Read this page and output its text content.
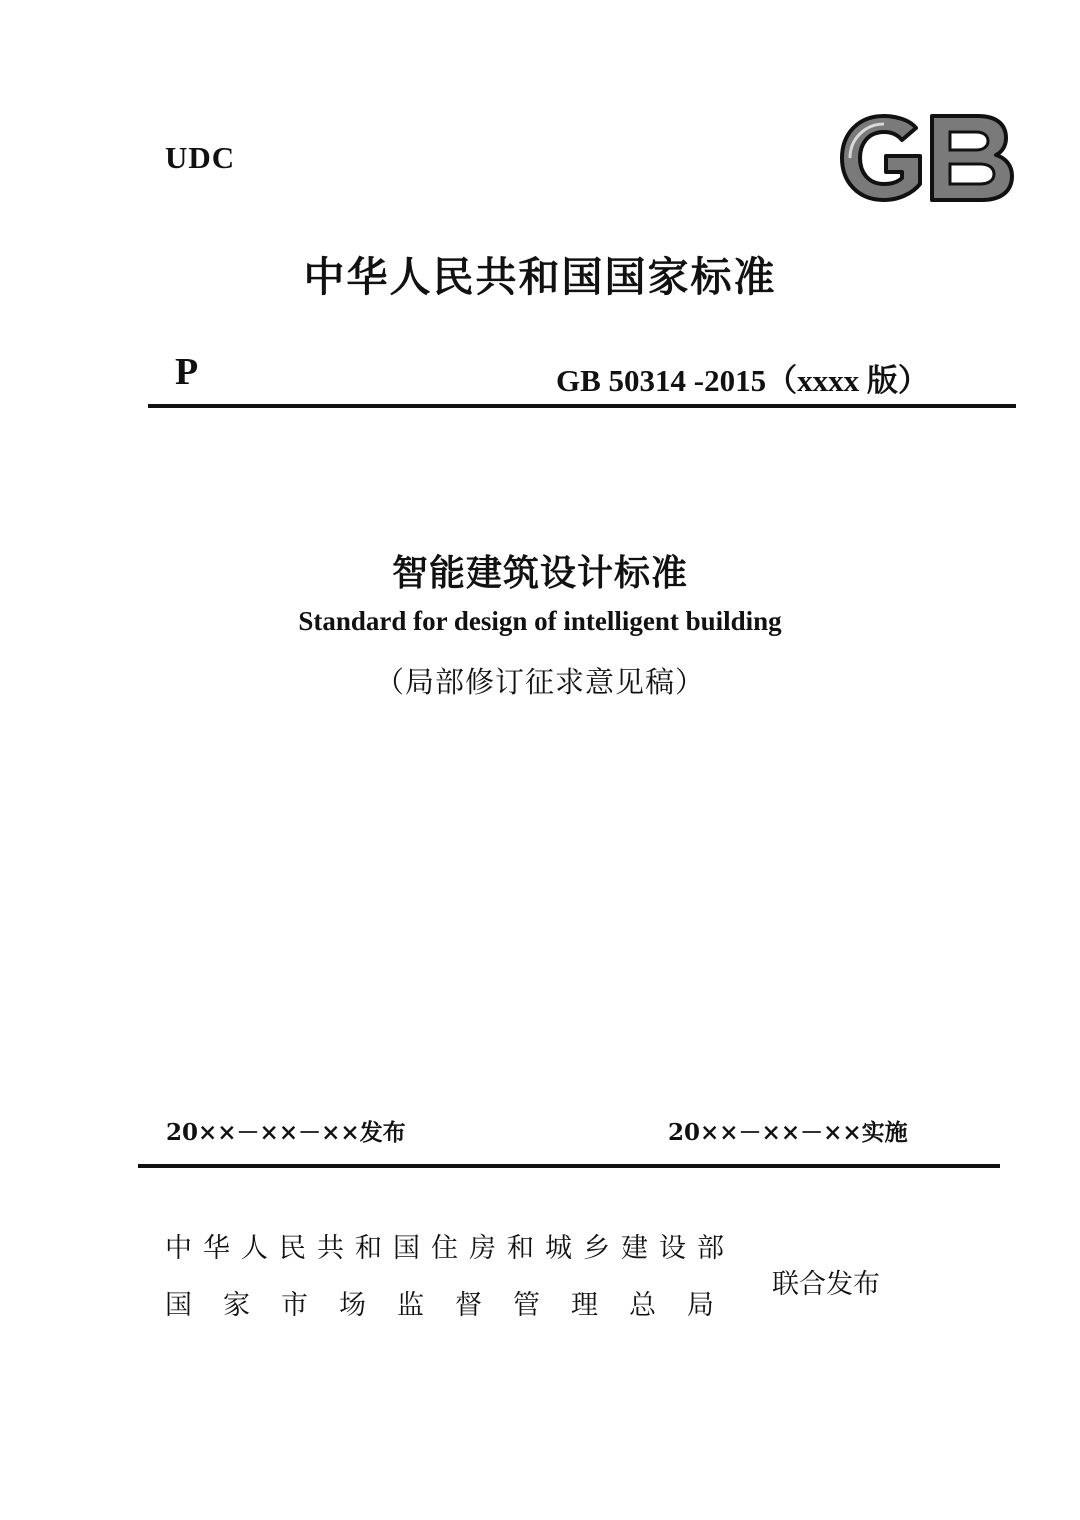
UDC
中华人民共和国国家标准
P	GB 50314 -2015（xxxx 版）
智能建筑设计标准
Standard for design of intelligent building
（局部修订征求意见稿）
20××－××－××发布	20××－××－××实施
中华人民共和国住房和城乡建设部
国家市场监督管理总局
联合发布
